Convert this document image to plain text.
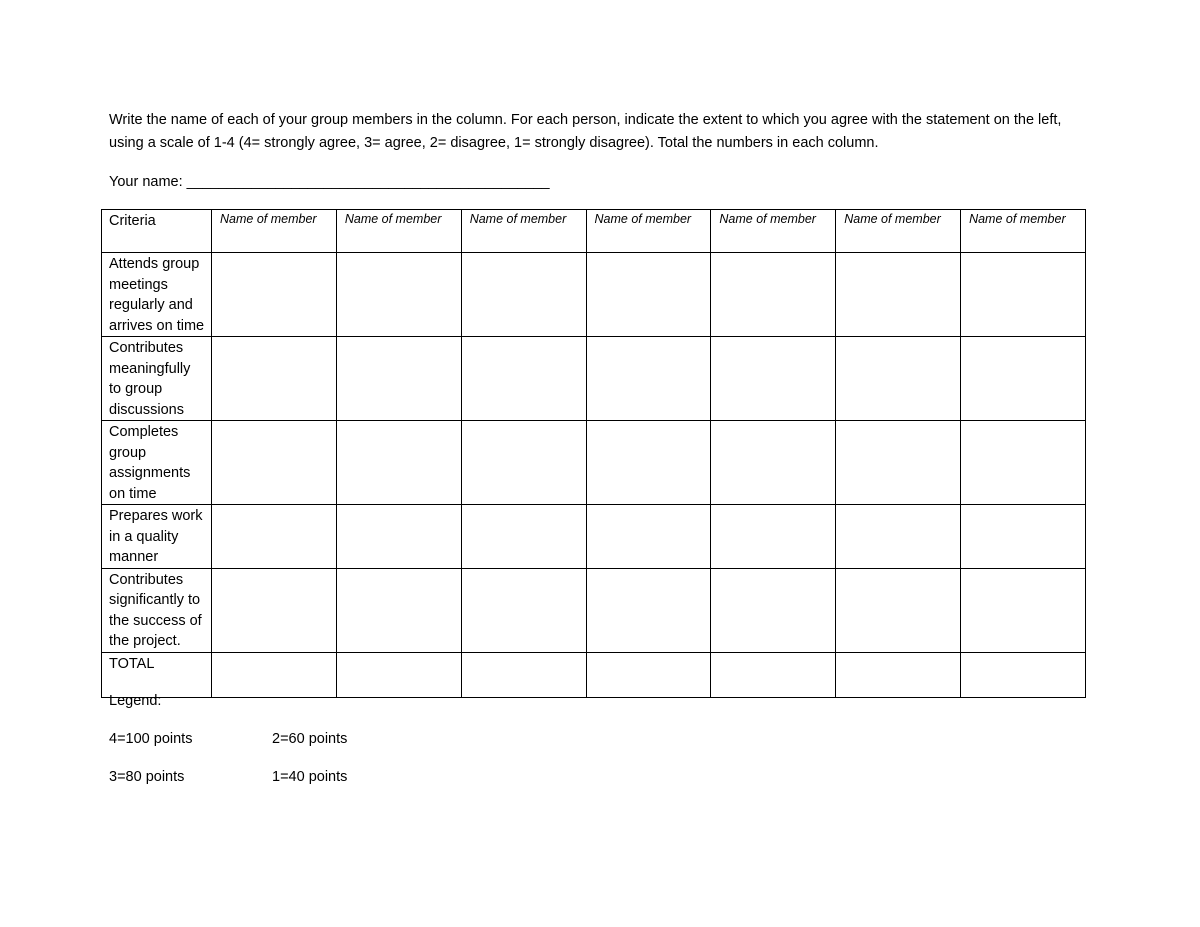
Write the name of each of your group members in the column. For each person, indicate the extent to which you agree with the statement on the left, using a scale of 1-4 (4= strongly agree, 3= agree, 2= disagree, 1= strongly disagree). Total the numbers in each column.

Your name: _____________________________________________
Criteria	Name of member	Name of member	Name of member	Name of member	Name of member	Name of member	Name of member
Attends group meetings regularly and arrives on time							
Contributes meaningfully to group discussions							
Completes group assignments on time							
Prepares work in a quality manner							
Contributes significantly to the success of the project.							
TOTAL							
Legend:
4=100 points	2=60 points
3=80 points	1=40 points
